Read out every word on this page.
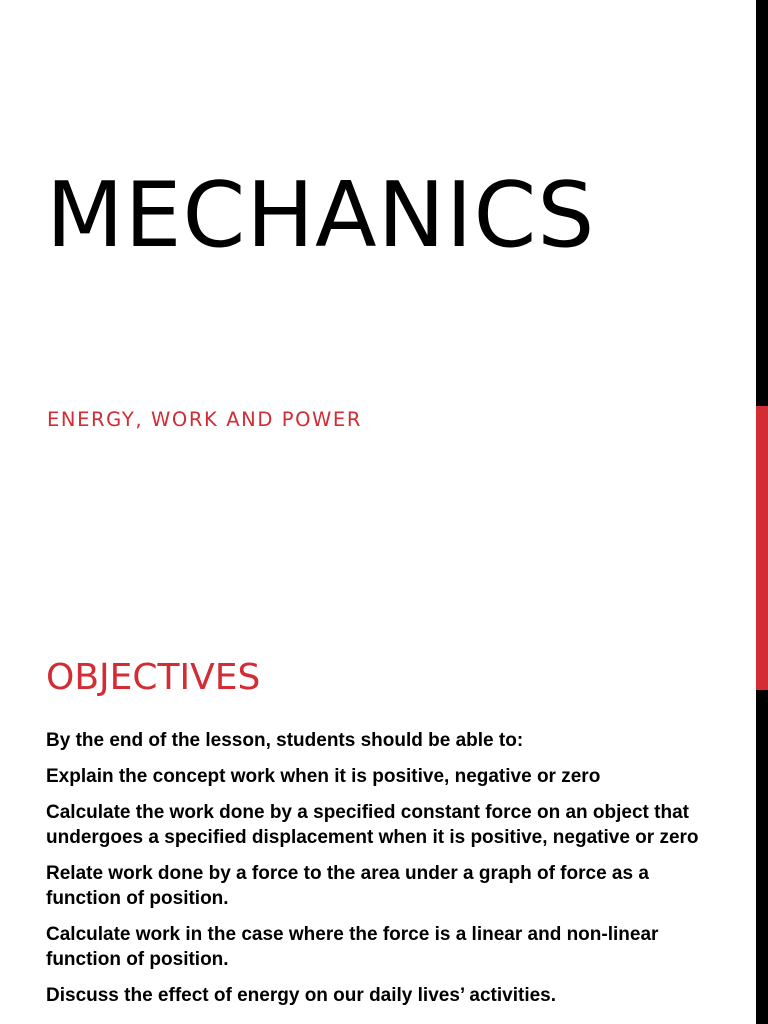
MECHANICS
ENERGY, WORK AND POWER
OBJECTIVES
By the end of the lesson, students should be able to:
Explain the concept work when it is positive, negative or zero
Calculate the work done by a specified constant force on an object that undergoes a specified displacement when it is positive, negative or zero
Relate work done by a force to the area under a graph of force as a function of position.
Calculate work in the case where the force is a linear and non-linear function of position.
Discuss the effect of energy on our daily lives’ activities.
